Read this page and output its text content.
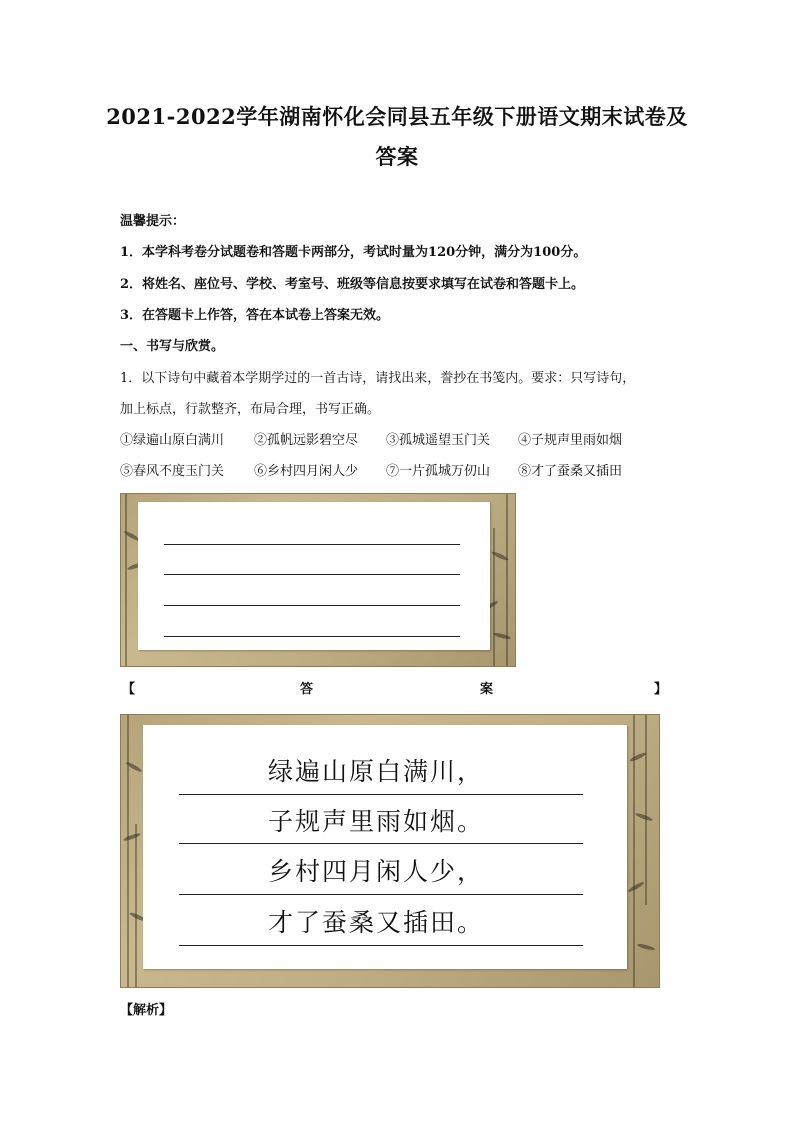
2021-2022学年湖南怀化会同县五年级下册语文期末试卷及
答案
温馨提示：
1．本学科考卷分试题卷和答题卡两部分，考试时量为120分钟，满分为100分。
2．将姓名、座位号、学校、考室号、班级等信息按要求填写在试卷和答题卡上。
3．在答题卡上作答，答在本试卷上答案无效。
一、书写与欣赏。
1．以下诗句中藏着本学期学过的一首古诗，请找出来，誊抄在书笺内。要求：只写诗句，
加上标点，行款整齐，布局合理，书写正确。
①绿遍山原白满川 ②孤帆远影碧空尽 ③孤城遥望玉门关 ④子规声里雨如烟
⑤春风不度玉门关 ⑥乡村四月闲人少 ⑦一片孤城万仞山 ⑧才了蚕桑又插田
【	答	案	】
绿遍山原白满川，
子规声里雨如烟。
乡村四月闲人少，
才了蚕桑又插田。
【解析】
